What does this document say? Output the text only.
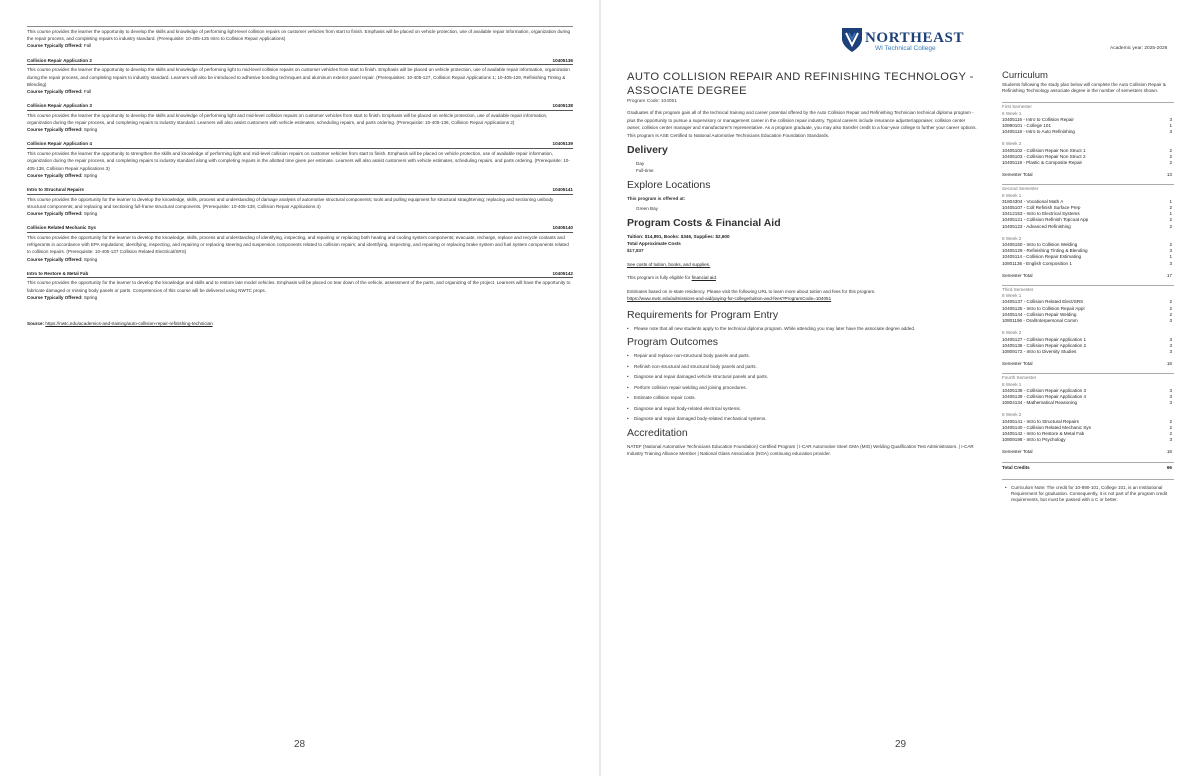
This course provides the learner the opportunity to develop the skills and knowledge of performing light-level collision repairs on customer vehicles from start to finish. Emphasis will be placed on vehicle protection, use of available repair information, organization during the repair process, and completing repairs to industry standard. (Prerequisite: 10-405-125 Intro to Collision Repair Applications)
Course Typically Offered: Fall
Collision Repair Application 2	10405136
This course provides the learner the opportunity to develop the skills and knowledge of performing light to mid-level collision repairs on customer vehicles from start to finish. Emphasis will be placed on vehicle protection, use of available repair information, organization during the repair process, and completing repairs to industry standard. Learners will also be introduced to adhesive bonding techniques and aluminum exterior panel repair. (Prerequisites: 10-405-127, Collision Repair Applications 1; 10-405-129, Refinishing Tinting & Blending)
Course Typically Offered: Fall
Collision Repair Application 3	10405138
This course provides the learner the opportunity to develop the skills and knowledge of performing light and mid-level collision repairs on customer vehicles from start to finish. Emphasis will be placed on vehicle protection, use of available repair information, organization during the repair process, and completing repairs to industry standard. Learners will also assist customers with vehicle estimates, scheduling repairs, and parts ordering. (Prerequisite: 10-405-136, Collision Repair Applications 2)
Course Typically Offered: Spring
Collision Repair Application 4	10405139
This course provides the learner the opportunity to strengthen the skills and knowledge of performing light and mid-level collision repairs on customer vehicles from start to finish. Emphasis will be placed on vehicle protection, use of available repair information, organization during the repair process, and completing repairs to industry standard along with completing repairs in the allotted time given per estimate. Learners will also assist customers with vehicle estimates, scheduling repairs, and parts ordering. (Prerequisite: 10-405-138, Collision Repair Applications 3)
Course Typically Offered: Spring
Intro to Structural Repairs	10405141
This course provides the opportunity for the learner to develop the knowledge, skills, process and understanding of damage analysis of automotive structural components; tools and pulling equipment for structural straightening; replacing and sectioning unibody structural components; and replacing and sectioning full-frame structural components. (Prerequisite: 10-405-139, Collision Repair Applications 4)
Course Typically Offered: Spring
Collision Related Mechanic Sys	10405140
This course provides the opportunity for the learner to develop the knowledge, skills, process and understanding of identifying, inspecting, and repairing or replacing both heating and cooling system components; evacuate, recharge, replace and recycle coolants and refrigerants in accordance with EPA regulations; identifying, inspecting, and repairing or replacing steering and suspension components related to collision repairs; and identifying, inspecting, and repairing or replacing brake system and fuel system components related to collision repairs. (Prerequisite: 10-405-137 Collision Related Electrical/SRS)
Course Typically Offered: Spring
Intro to Restore & Metal Fab	10405142
This course provides the opportunity for the learner to develop the knowledge and skills and to restore late model vehicles. Emphasis will be placed on tear down of the vehicle, assessment of the parts, and organizing of the project. Learners will have the opportunity to fabricate damaged or missing body panels or parts. Competencies of this course will be delivered using NWTC props.
Course Typically Offered: Spring
Source: https://nwtc.edu/academics-and-training/auto-collision-repair-refinishing-technician
28
NORTHEAST
WI Technical College	Academic year: 2025-2026
AUTO COLLISION REPAIR AND REFINISHING TECHNOLOGY - ASSOCIATE DEGREE
Program Code: 104051
Graduates of this program gain all of the technical training and career potential offered by the Auto Collision Repair and Refinishing Technician technical diploma program - plus the opportunity to pursue a supervisory or management career in the collision repair industry. Typical careers include insurance adjuster/appraiser, collision center owner, collision center manager and manufacturer's representative. As a program graduate, you may also transfer credit to a four-year college to further your career options. This program is ASE Certified to National Automotive Technicians Education Foundation Standards.
Delivery
Day
Full-time
Explore Locations
This program is offered at:
Green Bay
Program Costs & Financial Aid
Tuition: $14,891, Books: $346, Supplies: $2,600
Total Approximate Costs
$17,837
See costs of tuition, books, and supplies.
This program is fully eligible for financial aid.
Estimates based on in-state residency. Please visit the following URL to learn more about tuition and fees for this program.
https://www.nwtc.edu/admissions-and-aid/paying-for-college/tuition-and-fees?ProgramCode=104051
Requirements for Program Entry
• Please note that all new students apply to the technical diploma program. While attending you may later have the associate degree added.
Program Outcomes
• Repair and replace non-structural body panels and parts.
• Refinish non-structural and structural body panels and parts.
• Diagnose and repair damaged vehicle structural panels and parts.
• Perform collision repair welding and joining procedures.
• Estimate collision repair costs.
• Diagnose and repair body-related electrical systems.
• Diagnose and repair damaged body-related mechanical systems.
Accreditation
NATEF (National Automotive Technicians Education Foundation) Certified Program | I-CAR Automotive Steel GMA (MIG) Welding Qualification Test Administrators. | I-CAR Industry Training Alliance Member | National Glass Association (NGA) continuing education provider.
Curriculum
Students following the study plan below will complete the Auto Collision Repair & Refinishing Technology associate degree in the number of semesters shown.
First Semester
8 Week 1
10405116 - Intro to Collision Repair	3
10890101 - College 101	1
10405118 - Intro to Auto Refinishing	3
8 Week 2
10405102 - Collision Repair Non Struct 1	2
10405103 - Collision Repair Non Struct 2	2
10405119 - Plastic & Composite Repair	2
Semester Total	13
Second Semester
8 Week 1
31804304 - Vocational Math A	1
10405107 - Coll Refinish Surface Prep	2
10412153 - Intro to Electrical Systems	1
10405121 - Collision Refinish Topcoat App	2
10405123 - Advanced Refinishing	2
8 Week 2
10405150 - Intro to Collision Welding	2
10405129 - Refinishing Tinting & Blending	3
10405114 - Collision Repair Estimating	1
10801136 - English Composition 1	3
Semester Total	17
Third Semester
8 Week 1
10405137 - Collision Related Elect/SRS	2
10405125 - Intro to Collision Repair Appl	2
10405144 - Collision Repair Welding	2
10801196 - Oral/Interpersonal Comm	3
8 Week 2
10405127 - Collision Repair Application 1	3
10405136 - Collision Repair Application 2	3
10809172 - Intro to Diversity Studies	3
Semester Total	18
Fourth Semester
8 Week 1
10405138 - Collision Repair Application 3	3
10405139 - Collision Repair Application 4	3
10804134 - Mathematical Reasoning	3
8 Week 2
10405141 - Intro to Structural Repairs	2
10405140 - Collision Related Mechanic Sys	2
10405142 - Intro to Restore & Metal Fab	2
10809198 - Intro to Psychology	3
Semester Total	18
Total Credits	66
• Curriculum Note: The credit for 10-890-101, College 101, is an Institutional Requirement for graduation. Consequently, it is not part of the program credit requirements, but must be passed with a C or better.
29
